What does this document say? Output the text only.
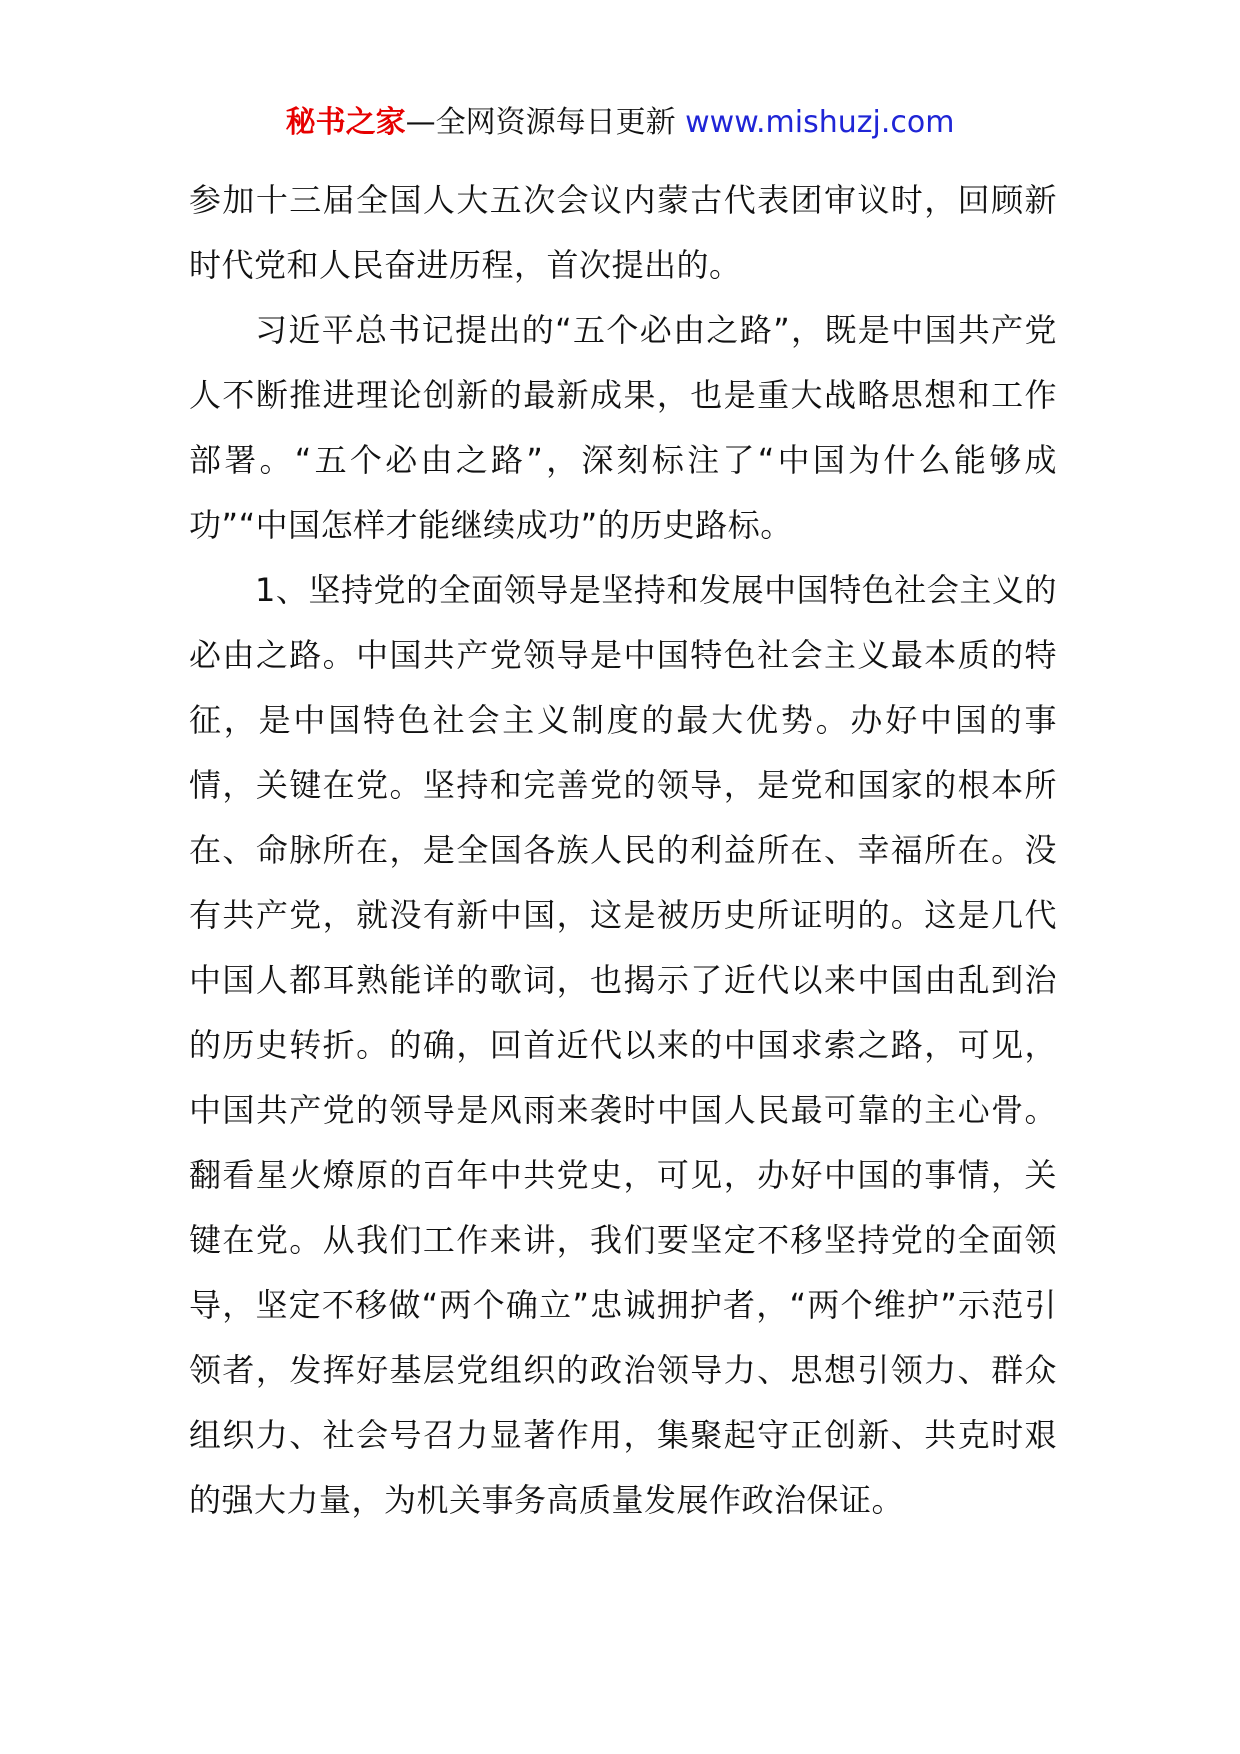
秘书之家—全网资源每日更新 www.mishuzj.com

参加十三届全国人大五次会议内蒙古代表团审议时，回顾新时代党和人民奋进历程，首次提出的。

习近平总书记提出的“五个必由之路”，既是中国共产党人不断推进理论创新的最新成果，也是重大战略思想和工作部署。“五个必由之路”，深刻标注了“中国为什么能够成功”“中国怎样才能继续成功”的历史路标。

1、坚持党的全面领导是坚持和发展中国特色社会主义的必由之路。中国共产党领导是中国特色社会主义最本质的特征，是中国特色社会主义制度的最大优势。办好中国的事情，关键在党。坚持和完善党的领导，是党和国家的根本所在、命脉所在，是全国各族人民的利益所在、幸福所在。没有共产党，就没有新中国，这是被历史所证明的。这是几代中国人都耳熟能详的歌词，也揭示了近代以来中国由乱到治的历史转折。的确，回首近代以来的中国求索之路，可见，中国共产党的领导是风雨来袭时中国人民最可靠的主心骨。翻看星火燎原的百年中共党史，可见，办好中国的事情，关键在党。从我们工作来讲，我们要坚定不移坚持党的全面领导，坚定不移做“两个确立”忠诚拥护者，“两个维护”示范引领者，发挥好基层党组织的政治领导力、思想引领力、群众组织力、社会号召力显著作用，集聚起守正创新、共克时艰的强大力量，为机关事务高质量发展作政治保证。
